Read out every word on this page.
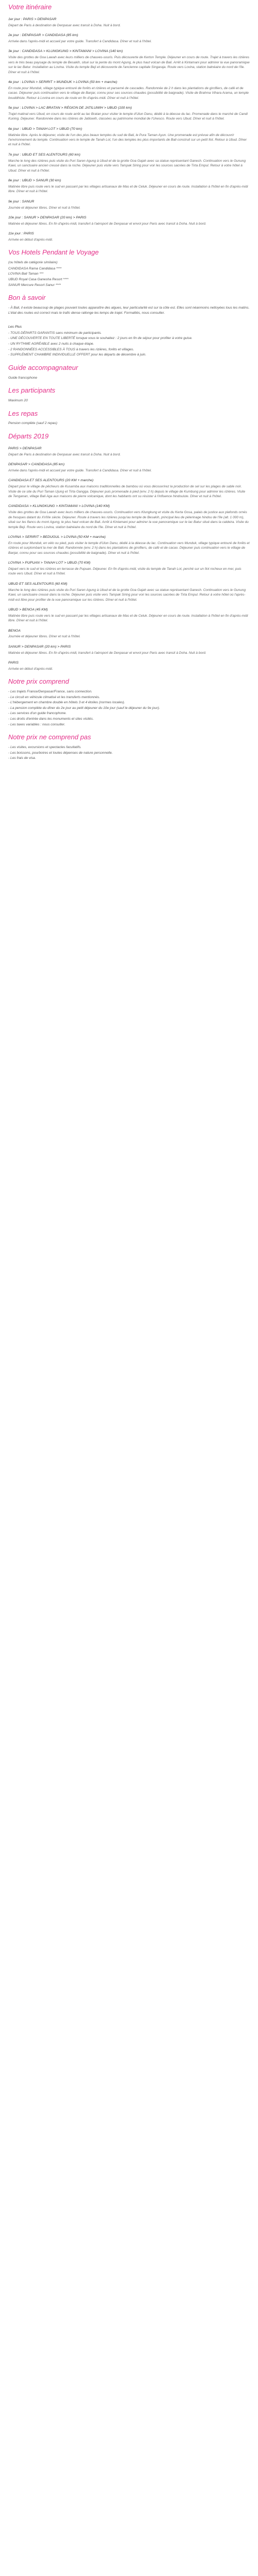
Votre itinéraire
1er jour : PARIS > DENPASAR
Départ de Paris à destination de Denpasar avec transit à Doha. Nuit à bord.
2e jour : DENPASAR > CANDIDASA (85 km)
Arrivée dans l'après-midi et accueil par votre guide. Transfert à Candidasa. Dîner et nuit à l'hôtel.
3e jour : CANDIDASA > KLUNGKUNG > KINTAMANI > LOVINA (140 km)
Visite des grottes de Goa Lawah avec leurs milliers de chauves-souris. Puis découverte de Kerton Temple. Déjeuner en cours de route. Trajet à travers les rizières vers le très beau paysage du temple de Besakih, situé sur la pente du mont Agung, le plus haut volcan de Bali. Arrêt à Kintamani pour admirer la vue panoramique sur le lac Batur. Installation au Lovina. Visite du temple Beji et découverte de l'ancienne capitale Singaraja. Route vers Lovina, station balnéaire du nord de l'île. Dîner et nuit à l'hôtel.
4e jour : LOVINA > SERIRIT > MUNDUK > LOVINA (50 km + marche)
En route pour Munduk, village typique entouré de forêts et rizières et parsemé de cascades. Randonnée de 2 h dans les plantations de girofliers, de café et de cacao. Déjeuner puis continuation vers le village de Banjar, connu pour ses sources chaudes (possibilité de baignade). Visite de Brahma Vihara Arama, un temple bouddhiste. Retour à Lovina en cours de route en fin d'après-midi. Dîner et nuit à l'hôtel.
5e jour : LOVINA > LAC BRATAN > RÉGION DE JATILUWIH > UBUD (100 km)
Trajet matinal vers Ubud, en cours de route arrêt au lac Bratan pour visiter le temple d'Ulun Danu, dédié à la déesse du lac. Promenade dans le marché de Candi Kuning. Déjeuner. Randonnée dans les rizières de Jatiluwih, classées au patrimoine mondial de l'Unesco. Route vers Ubud. Dîner et nuit à l'hôtel.
6e jour : UBUD > TANAH LOT > UBUD (70 km)
Matinée libre. Après le déjeuner, visite de l'un des plus beaux temples du sud de Bali, le Pura Taman Ayun. Une promenade est prévue afin de découvrir l'environnement du temple. Continuation vers le temple de Tanah Lot, l'un des temples les plus importants de Bali construit sur un petit îlot. Retour à Ubud. Dîner et nuit à l'hôtel.
7e jour : UBUD ET SES ALENTOURS (60 km)
Marche le long des rizières puis visite du Puri Saren Agung à Ubud et de la grotte Goa Gajah avec sa statue représentant Ganesh. Continuation vers le Gunung Kawi, un sanctuaire ancien creusé dans la roche. Déjeuner puis visite vers Tampak Siring pour voir les sources sacrées de Tirta Empul. Retour à votre hôtel à Ubud. Dîner et nuit à l'hôtel.
8e jour : UBUD > SANUR (30 km)
Matinée libre puis route vers le sud en passant par les villages artisanaux de Mas et de Celuk. Déjeuner en cours de route. Installation à l'hôtel en fin d'après-midi libre. Dîner et nuit à l'hôtel.
9e jour : SANUR
Journée et déjeuner libres. Dîner et nuit à l'hôtel.
10e jour : SANUR > DENPASAR (20 km) > PARIS
Matinée et déjeuner libres. En fin d'après-midi, transfert à l'aéroport de Denpasar et envol pour Paris avec transit à Doha. Nuit à bord.
11e jour : PARIS
Arrivée en début d'après-midi.
Vos Hotels Pendant le Voyage
(ou hôtels de catégorie similaire)
CANDIDASA Rama Candidasa ****
LOVINA Bali Taman ***
UBUD Royal Casa Ganesha Resort ****
SANUR Mercure Resort Sanur ****
Bon à savoir
- À Bali, il existe beaucoup de plages pouvant toutes apparaître des algues, leur particularité est sur la côte est. Elles sont néanmoins nettoyées tous les matins. L'état des routes est correct mais le trafic dense rallonge les temps de trajet. Formalités, nous consulter.
Les Plus
- TOUS DÉPARTS GARANTIS sans minimum de participants.
- UNE DÉCOUVERTE EN TOUTE LIBERTÉ lorsque vous le souhaitez : 2 jours en fin de séjour pour profiter à votre guise.
- UN RYTHME AGRÉABLE avec 2 nuits à chaque étape.
- 2 RANDONNÉES ACCESSIBLES À TOUS à travers les rizières, forêts et villages.
- SUPPLÉMENT CHAMBRE INDIVIDUELLE OFFERT pour les départs de décembre à juin.
Guide accompagnateur
Guide francophone
Les participants
Maximum 20
Les repas
Pension complète (sauf 2 repas)
Départs 2019
PARIS > DENPASAR
Départ de Paris à destination de Denpasar avec transit à Doha. Nuit à bord.
DENPASAR > CANDIDASA (85 km)
Arrivée dans l'après-midi et accueil par votre guide. Transfert à Candidasa. Dîner et nuit à l'hôtel.
CANDIDASA ET SES ALENTOURS (20 KM + marche)
Départ pour le village de pêcheurs de Kusamba aux maisons traditionnelles de bambou où vous découvrirez la production de sel sur les plages de sable noir. Visite de ce site du Puri Taman Ujung et Tirta Gangga. Déjeuner puis promenade à pied (env. 2 h) depuis le village de Kumbung pour admirer les rizières. Visite de Tenganan, village Bali Aga aux maisons de pierre volcanique, dont les habitants ont su résister à l'influence hindouiste. Dîner et nuit à l'hôtel.
CANDIDASA > KLUNGKUNG > KINTAMANI > LOVINA (140 KM)
Visite des grottes de Goa Lawah avec leurs milliers de chauves-souris. Continuation vers Klungkung et visite du Kerta Gosa, palais de justice aux plafonds ornés de fresques datant du XVIIIe siècle. Déjeuner. Route à travers les rizières jusqu'au temple de Besakih, principal lieu de pèlerinage hindou de l'île (alt. 1 000 m), situé sur les flancs du mont Agung, le plus haut volcan de Bali. Arrêt à Kintamani pour admirer la vue panoramique sur le lac Batur situé dans la caldeira. Visite du temple Beji. Route vers Lovina, station balnéaire du nord de l'île. Dîner et nuit à l'hôtel.
LOVINA > SERIRIT > BEDUGUL > LOVINA (50 KM + marche)
En route pour Munduk, en vélo ou pied, puis visiter le temple d'Ulun Danu, dédié à la déesse du lac. Continuation vers Munduk, village typique entouré de forêts et rizières et surplombant la mer de Bali. Randonnée (env. 2 h) dans les plantations de girofliers, de café et de cacao. Déjeuner puis continuation vers le village de Banjar, connu pour ses sources chaudes (possibilité de baignade). Dîner et nuit à l'hôtel.
LOVINA > PUPUAN > TANAH LOT > UBUD (70 KM)
Départ vers le sud et les rizières en terrasse de Pupuan. Déjeuner. En fin d'après-midi, visite du temple de Tanah Lot, perché sur un îlot rocheux en mer, puis route vers Ubud. Dîner et nuit à l'hôtel.
UBUD ET SES ALENTOURS (60 KM)
Marche le long des rizières puis visite du Puri Saren Agung à Ubud et de la grotte Goa Gajah avec sa statue représentant Ganesh. Continuation vers le Gunung Kawi, un sanctuaire creusé dans la roche. Déjeuner puis visite vers Tampak Siring pour voir les sources sacrées de Tirta Empul. Retour à votre hôtel où l'après-midi est libre pour profiter de la vue panoramique sur les rizières. Dîner et nuit à l'hôtel.
UBUD > BENOA (45 KM)
Matinée libre puis route vers le sud en passant par les villages artisanaux de Mas et de Celuk. Déjeuner en cours de route. Installation à l'hôtel en fin d'après-midi libre. Dîner et nuit à l'hôtel.
BENOA
Journée et déjeuner libres. Dîner et nuit à l'hôtel.
SANUR > DENPASAR (20 km) > PARIS
Matinée et déjeuner libres. En fin d'après-midi, transfert à l'aéroport de Denpasar et envol pour Paris avec transit à Doha. Nuit à bord.
PARIS
Arrivée en début d'après-midi.
Notre prix comprend
- Les trajets France/Denpasar/France, sans connection.
- Le circuit en véhicule climatisé et les transferts mentionnés.
- L'hébergement en chambre double en hôtels 3 et 4 étoiles (normes locales).
- La pension complète du dîner du 2e jour au petit déjeuner du 10e jour (sauf le déjeuner du 9e jour).
- Les services d'un guide francophone.
- Les droits d'entrée dans les monuments et sites visités.
- Les taxes variables : nous consulter.
Notre prix ne comprend pas
- Les visites, excursions et spectacles facultatifs.
- Les boissons, pourboires et toutes dépenses de nature personnelle.
- Les frais de visa.
